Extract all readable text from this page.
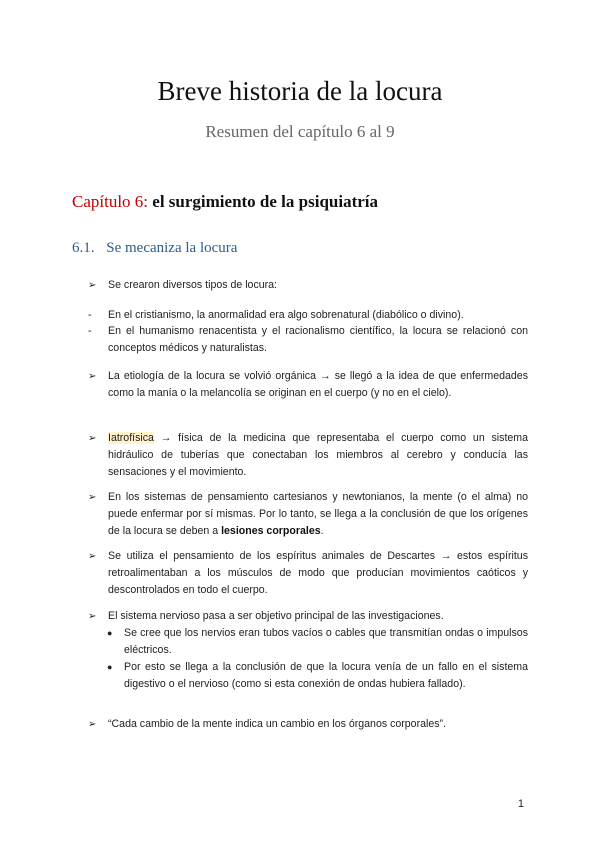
Breve historia de la locura
Resumen del capítulo 6 al 9
Capítulo 6: el surgimiento de la psiquiatría
6.1. Se mecaniza la locura
➢ Se crearon diversos tipos de locura:
- En el cristianismo, la anormalidad era algo sobrenatural (diabólico o divino).
- En el humanismo renacentista y el racionalismo científico, la locura se relacionó con conceptos médicos y naturalistas.
➢ La etiología de la locura se volvió orgánica → se llegó a la idea de que enfermedades como la manía o la melancolía se originan en el cuerpo (y no en el cielo).
➢ Iatrofísica → física de la medicina que representaba el cuerpo como un sistema hidráulico de tuberías que conectaban los miembros al cerebro y conducía las sensaciones y el movimiento.
➢ En los sistemas de pensamiento cartesianos y newtonianos, la mente (o el alma) no puede enfermar por sí mismas. Por lo tanto, se llega a la conclusión de que los orígenes de la locura se deben a lesiones corporales.
➢ Se utiliza el pensamiento de los espíritus animales de Descartes → estos espíritus retroalimentaban a los músculos de modo que producían movimientos caóticos y descontrolados en todo el cuerpo.
➢ El sistema nervioso pasa a ser objetivo principal de las investigaciones.
● Se cree que los nervios eran tubos vacíos o cables que transmitían ondas o impulsos eléctricos.
● Por esto se llega a la conclusión de que la locura venía de un fallo en el sistema digestivo o el nervioso (como si esta conexión de ondas hubiera fallado).
➢ “Cada cambio de la mente indica un cambio en los órganos corporales”.
1
